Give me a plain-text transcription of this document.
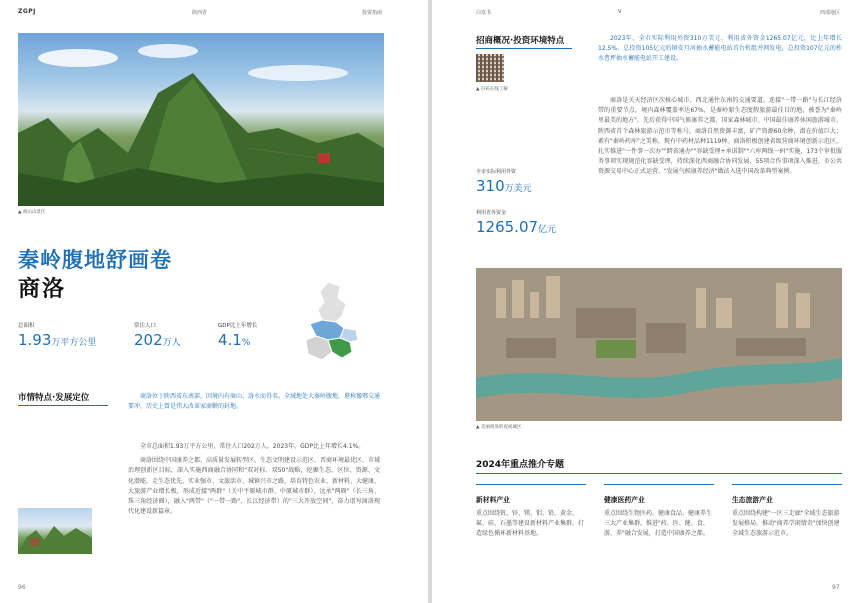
ZGPJ	陕西省	投资指南
▲ 商山山景区
秦岭腹地舒画卷
商洛
总面积
1.93万平方公里
常住人口
202万人
GDP比上年增长
4.1%
市情特点·发展定位	商洛位于陕西省东南部，因境内有商山、洛水而得名。全域地处大秦岭腹地，堪称豫鄂交通要冲，历史上曾是伟大改革家商鞅的封地。

全市总面积1.93万平方公里，常住人口202万人。2023年，GDP比上年增长4.1%。

商洛围绕中国康养之都、高质量发展转型区、生态文明建设示范区、晋商环境最优区、市域治理创新区目标，深入实施西商融合协同和"双对标、双50"战略，挖掘生态、区位、资源、文化潜能，走生态优先、实业强市、文旅活市、城镇兴市之路，培育特色农业、新材料、大健康、大旅游产业增长极，形成近接"两群"（关中平原城市群、中原城市群）、远承"两圈"（长三角、珠三角经济圈），融入"两带"（"一带一路"、长江经济带）的"三大开放空间"，奋力谱写商洛现代化建设新篇章。

96
白皮书	V	西部地区
招商概况·投资环境特点	2023年，全市实际利用外资310万美元，利用省外资金1265.07亿元，比上年增长12.5%。总投资105亿元的镇安月河抽水蓄能电站首台机组并网发电，总投资107亿元的柞水曹坪抽水蓄能电站开工建设。

▲ 扫码在线了解
全市实际利用外资
310万美元
利用省外资金
1265.07亿元

商洛是关天经济区次核心城市、西北通往东南的交通要道，连接"一带一路"与长江经济带的重要节点。境内森林覆盖率达67%，是秦岭原生态度假旅游最佳目的地，被誉为"秦岭里最美的地方"，先后获得中国气候康养之都、国家森林城市、中国最佳康养休闲旅游城市、陕西省首个森林旅游示范市等称号。商洛自然资源丰富，矿产资源60余种，潜在价值巨大；素有"秦岭药库"之美称，现有中药材品种1119种。商洛积极创建省级营商环境创新示范区，扎实推进"一件事一次办""跨省通办""容缺受理+承诺制""六库两线一码"实施，173个审批服务事项实现规范化容缺受理，持续深化西商融合协同发展，55项合作事项深入推进，市公共资源交易中心正式运营，"发展气候康养经济"做法入选中国改革典型案例。

▲ 美丽商洛的夜间城区
新材料产业
重点围绕钒、锌、镁、钼、铅、黄金、氟、硅、石墨等建设新材料产业集群，打造绿色循环新材料基地。
健康医药产业
重点围绕生物医药、健康食品、健康养生三大产业集群，推进"药、医、健、食、游、养"融合发展，打造中国康养之都。
生态旅游产业
重点围绕构建"一区三走廊"全域生态旅游发展格局，推动"商养学闲情奇"加快创建全域生态旅游示范市。
97
2024年重点推介专题
